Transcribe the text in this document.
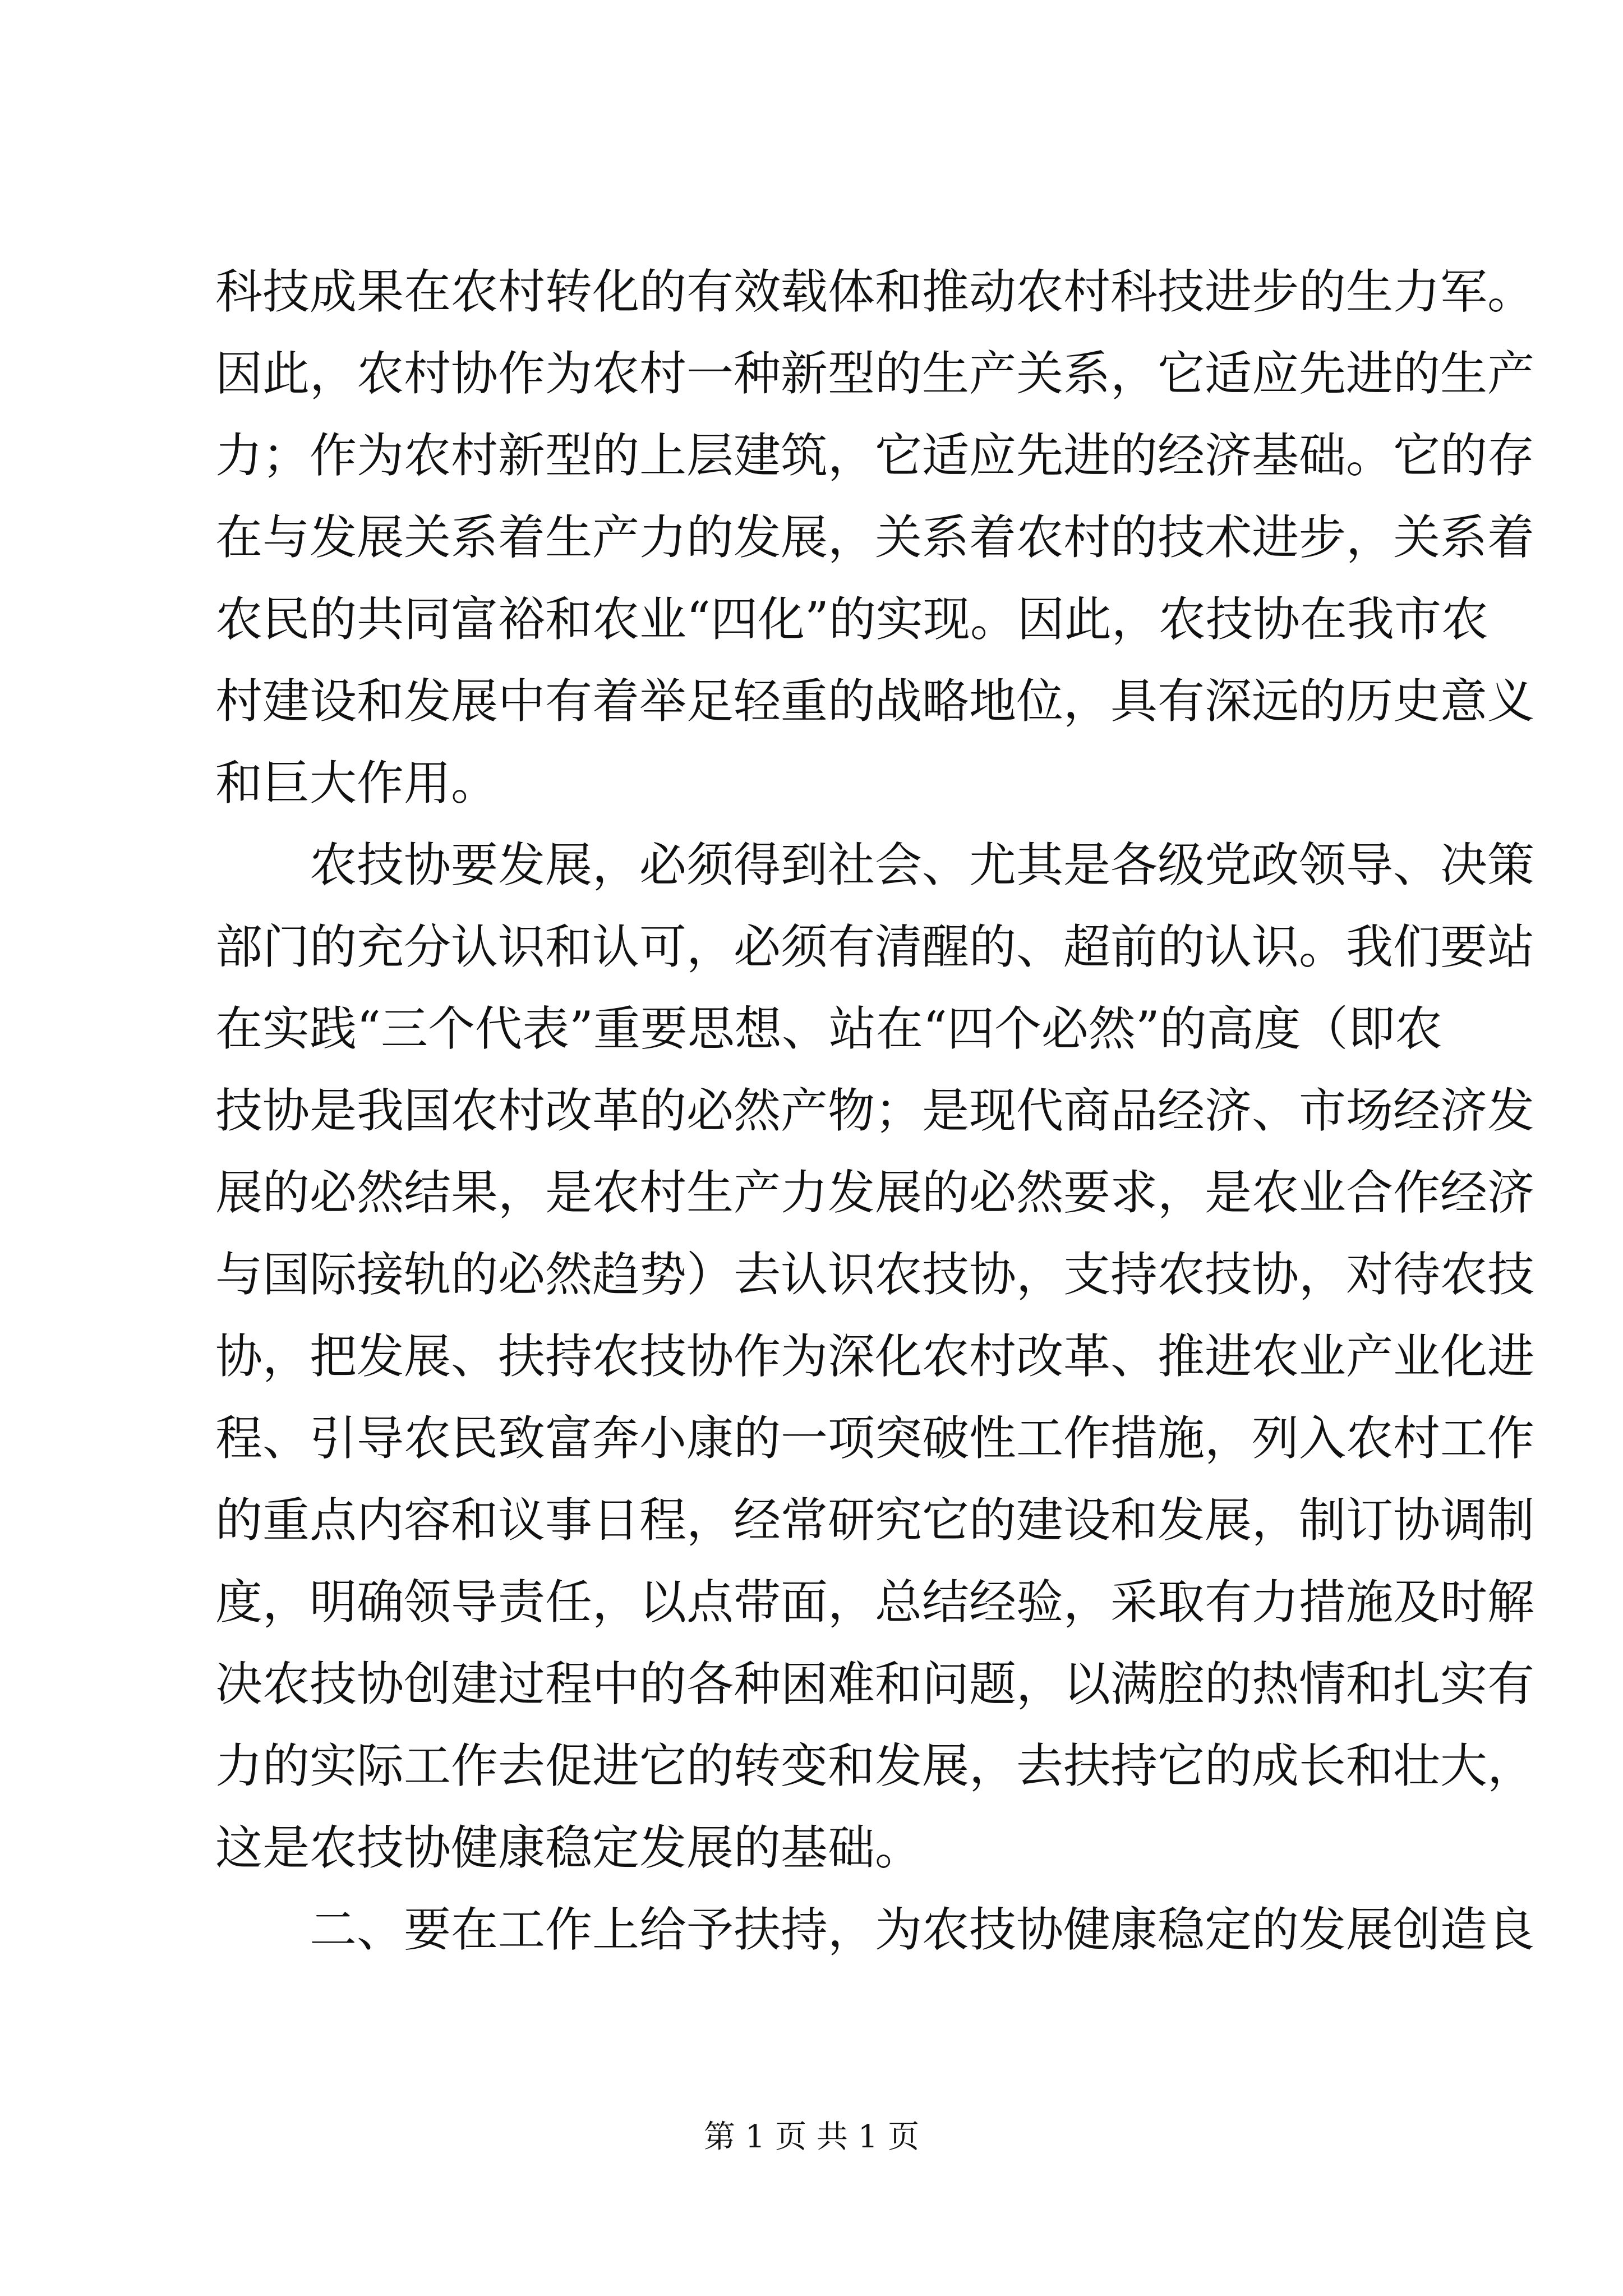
科技成果在农村转化的有效载体和推动农村科技进步的生力军。
因此，农村协作为农村一种新型的生产关系，它适应先进的生产
力；作为农村新型的上层建筑，它适应先进的经济基础。它的存
在与发展关系着生产力的发展，关系着农村的技术进步，关系着
农民的共同富裕和农业“四化”的实现。因此，农技协在我市农
村建设和发展中有着举足轻重的战略地位，具有深远的历史意义
和巨大作用。
　　农技协要发展，必须得到社会、尤其是各级党政领导、决策
部门的充分认识和认可，必须有清醒的、超前的认识。我们要站
在实践“三个代表”重要思想、站在“四个必然”的高度（即农
技协是我国农村改革的必然产物；是现代商品经济、市场经济发
展的必然结果，是农村生产力发展的必然要求，是农业合作经济
与国际接轨的必然趋势）去认识农技协，支持农技协，对待农技
协，把发展、扶持农技协作为深化农村改革、推进农业产业化进
程、引导农民致富奔小康的一项突破性工作措施，列入农村工作
的重点内容和议事日程，经常研究它的建设和发展，制订协调制
度，明确领导责任，以点带面，总结经验，采取有力措施及时解
决农技协创建过程中的各种困难和问题，以满腔的热情和扎实有
力的实际工作去促进它的转变和发展，去扶持它的成长和壮大，
这是农技协健康稳定发展的基础。
　　二、要在工作上给予扶持，为农技协健康稳定的发展创造良
第 1 页 共 1 页
